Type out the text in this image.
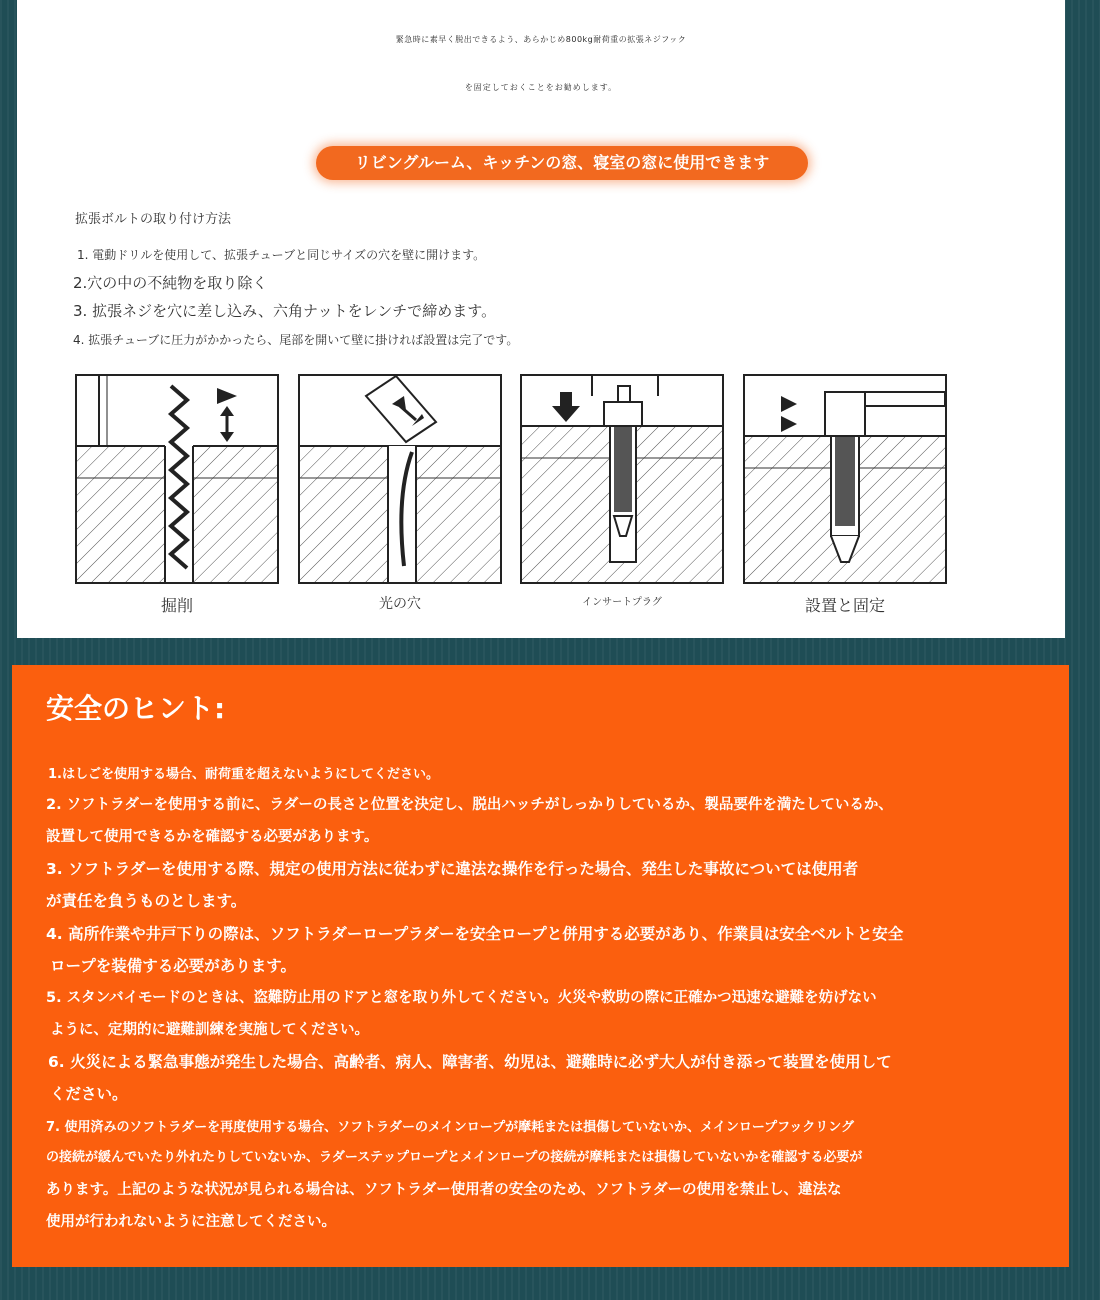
緊急時に素早く脱出できるよう、あらかじめ800kg耐荷重の拡張ネジフック
を固定しておくことをお勧めします。
リビングルーム、キッチンの窓、寝室の窓に使用できます
拡張ボルトの取り付け方法
1. 電動ドリルを使用して、拡張チューブと同じサイズの穴を壁に開けます。
2.穴の中の不純物を取り除く
3. 拡張ネジを穴に差し込み、六角ナットをレンチで締めます。
4. 拡張チューブに圧力がかかったら、尾部を開いて壁に掛ければ設置は完了です。
掘削	光の穴	インサートプラグ	設置と固定
安全のヒント:
1.はしごを使用する場合、耐荷重を超えないようにしてください。
2. ソフトラダーを使用する前に、ラダーの長さと位置を決定し、脱出ハッチがしっかりしているか、製品要件を満たしているか、
設置して使用できるかを確認する必要があります。
3. ソフトラダーを使用する際、規定の使用方法に従わずに違法な操作を行った場合、発生した事故については使用者
が責任を負うものとします。
4. 高所作業や井戸下りの際は、ソフトラダーロープラダーを安全ロープと併用する必要があり、作業員は安全ベルトと安全
ロープを装備する必要があります。
5. スタンバイモードのときは、盗難防止用のドアと窓を取り外してください。火災や救助の際に正確かつ迅速な避難を妨げない
ように、定期的に避難訓練を実施してください。
6. 火災による緊急事態が発生した場合、高齢者、病人、障害者、幼児は、避難時に必ず大人が付き添って装置を使用して
ください。
7. 使用済みのソフトラダーを再度使用する場合、ソフトラダーのメインロープが摩耗または損傷していないか、メインロープフックリング
の接続が緩んでいたり外れたりしていないか、ラダーステップロープとメインロープの接続が摩耗または損傷していないかを確認する必要が
あります。上記のような状況が見られる場合は、ソフトラダー使用者の安全のため、ソフトラダーの使用を禁止し、違法な
使用が行われないように注意してください。
